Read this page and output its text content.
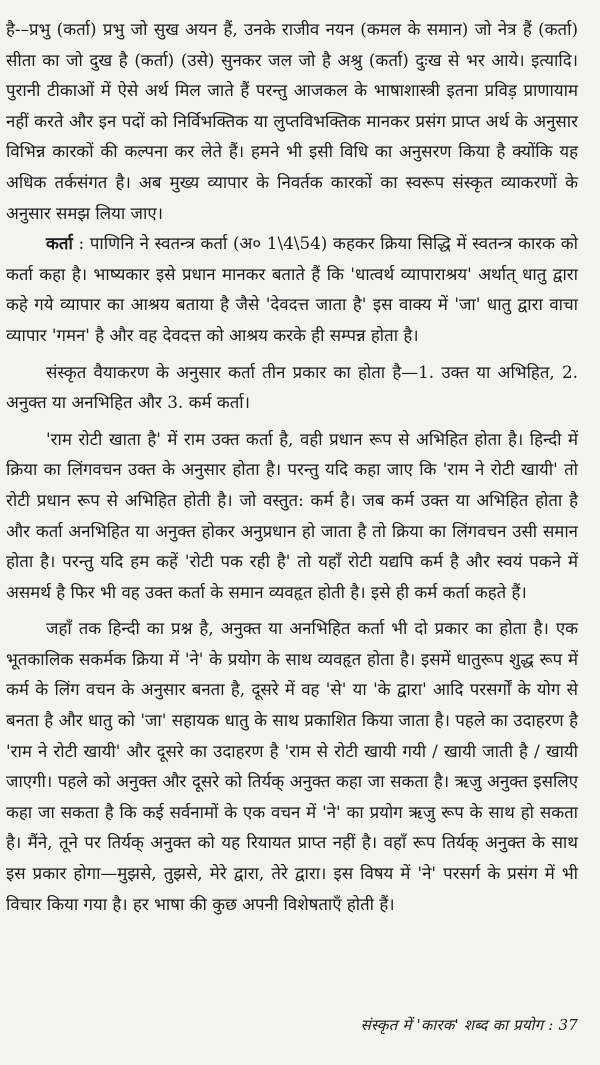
है-–प्रभु (कर्ता) प्रभु जो सुख अयन हैं, उनके राजीव नयन (कमल के समान) जो नेत्र हैं (कर्ता) सीता का जो दुख है (कर्ता) (उसे) सुनकर जल जो है अश्रु (कर्ता) दुःख से भर आये। इत्यादि। पुरानी टीकाओं में ऐसे अर्थ मिल जाते हैं परन्तु आजकल के भाषाशास्त्री इतना प्रविड़ प्राणायाम नहीं करते और इन पदों को निर्विभक्तिक या लुप्तविभक्तिक मानकर प्रसंग प्राप्त अर्थ के अनुसार विभिन्न कारकों की कल्पना कर लेते हैं। हमने भी इसी विधि का अनुसरण किया है क्योंकि यह अधिक तर्कसंगत है। अब मुख्य व्यापार के निवर्तक कारकों का स्वरूप संस्कृत व्याकरणों के अनुसार समझ लिया जाए।

कर्ता : पाणिनि ने स्वतन्त्र कर्ता (अ० 1\4\54) कहकर क्रिया सिद्धि में स्वतन्त्र कारक को कर्ता कहा है। भाष्यकार इसे प्रधान मानकर बताते हैं कि 'धात्वर्थ व्यापाराश्रय' अर्थात् धातु द्वारा कहे गये व्यापार का आश्रय बताया है जैसे 'देवदत्त जाता है' इस वाक्य में 'जा' धातु द्वारा वाचा व्यापार 'गमन' है और वह देवदत्त को आश्रय करके ही सम्पन्न होता है।

संस्कृत वैयाकरण के अनुसार कर्ता तीन प्रकार का होता है—1. उक्त या अभिहित, 2. अनुक्त या अनभिहित और 3. कर्म कर्ता।

'राम रोटी खाता है' में राम उक्त कर्ता है, वही प्रधान रूप से अभिहित होता है। हिन्दी में क्रिया का लिंगवचन उक्त के अनुसार होता है। परन्तु यदि कहा जाए कि 'राम ने रोटी खायी' तो रोटी प्रधान रूप से अभिहित होती है। जो वस्तुत: कर्म है। जब कर्म उक्त या अभिहित होता है और कर्ता अनभिहित या अनुक्त होकर अनुप्रधान हो जाता है तो क्रिया का लिंगवचन उसी समान होता है। परन्तु यदि हम कहें 'रोटी पक रही है' तो यहाँ रोटी यद्यपि कर्म है और स्वयं पकने में असमर्थ है फिर भी वह उक्त कर्ता के समान व्यवहृत होती है। इसे ही कर्म कर्ता कहते हैं।

जहाँ तक हिन्दी का प्रश्न है, अनुक्त या अनभिहित कर्ता भी दो प्रकार का होता है। एक भूतकालिक सकर्मक क्रिया में 'ने' के प्रयोग के साथ व्यवहृत होता है। इसमें धातुरूप शुद्ध रूप में कर्म के लिंग वचन के अनुसार बनता है, दूसरे में वह 'से' या 'के द्वारा' आदि परसर्गों के योग से बनता है और धातु को 'जा' सहायक धातु के साथ प्रकाशित किया जाता है। पहले का उदाहरण है 'राम ने रोटी खायी' और दूसरे का उदाहरण है 'राम से रोटी खायी गयी / खायी जाती है / खायी जाएगी। पहले को अनुक्त और दूसरे को तिर्यक् अनुक्त कहा जा सकता है। ऋजु अनुक्त इसलिए कहा जा सकता है कि कई सर्वनामों के एक वचन में 'ने' का प्रयोग ऋजु रूप के साथ हो सकता है। मैंने, तूने पर तिर्यक् अनुक्त को यह रियायत प्राप्त नहीं है। वहाँ रूप तिर्यक् अनुक्त के साथ इस प्रकार होगा—मुझसे, तुझसे, मेरे द्वारा, तेरे द्वारा। इस विषय में 'ने' परसर्ग के प्रसंग में भी विचार किया गया है। हर भाषा की कुछ अपनी विशेषताएँ होती हैं।

संस्कृत में 'कारक' शब्द का प्रयोग : 37
